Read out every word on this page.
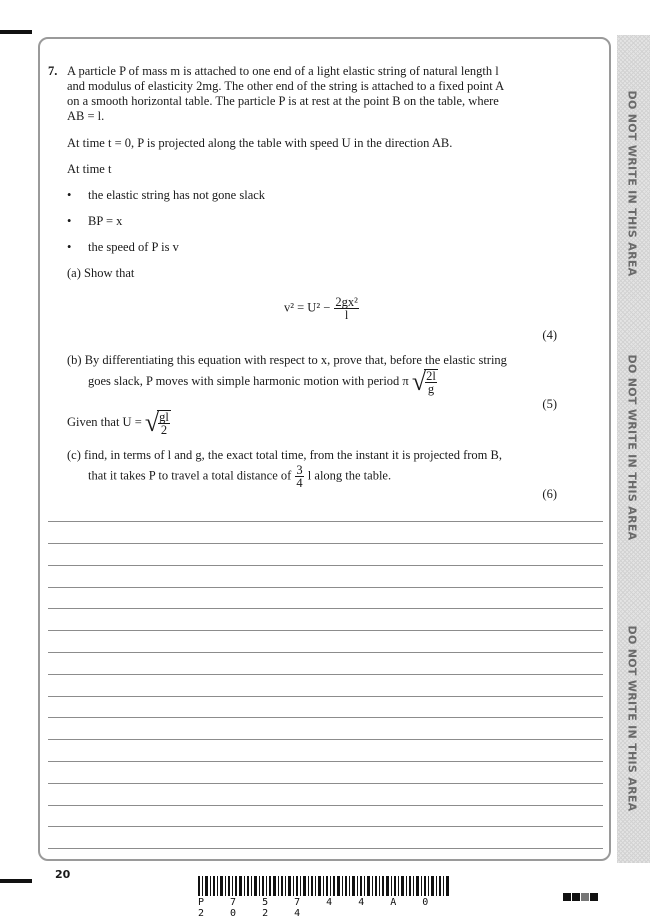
DO NOT WRITE IN THIS AREA
DO NOT WRITE IN THIS AREA
DO NOT WRITE IN THIS AREA
7. A particle P of mass m is attached to one end of a light elastic string of natural length l
and modulus of elasticity 2mg. The other end of the string is attached to a fixed point A
on a smooth horizontal table. The particle P is at rest at the point B on the table, where
AB = l.
At time t = 0, P is projected along the table with speed U in the direction AB.
At time t
• the elastic string has not gone slack
• BP = x
• the speed of P is v
(a) Show that
$v^2 = U^2 - \frac{\text{2gx²}}{l}$
(4)
(b) By differentiating this equation with respect to x, prove that, before the elastic string
goes slack, P moves with simple harmonic motion with period π √ $\frac{2l}{g}$
(5)
Given that U = √ $\frac{gl}{2}$
(c) find, in terms of l and g, the exact total time, from the instant it is projected from B,
that it takes P to travel a total distance of $\frac{3}{4}$ l along the table.
(6)
20
P 7 5 7 4 4 A 0 2 0 2 4
